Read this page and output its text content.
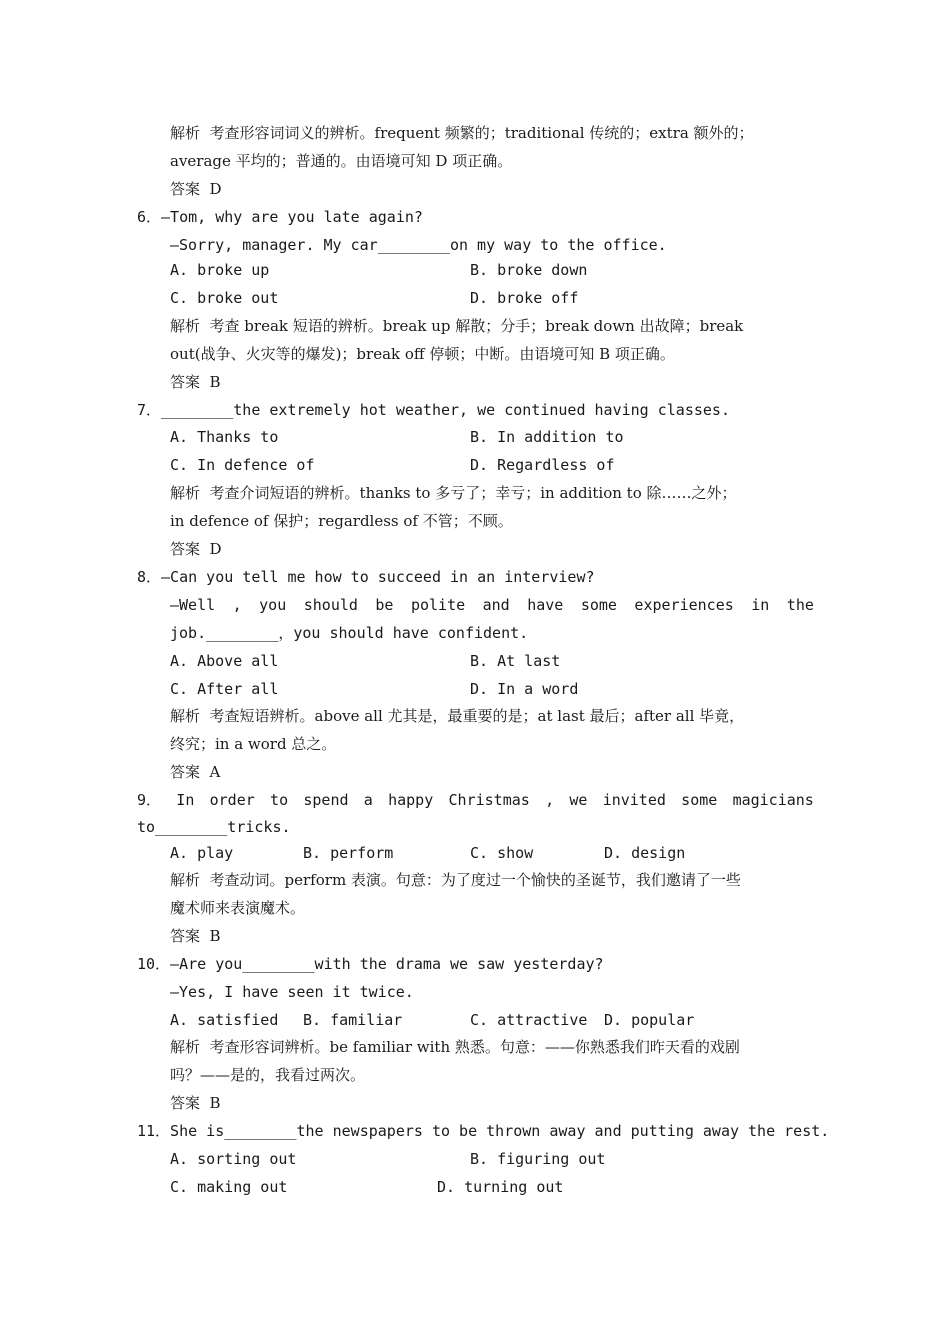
解析  考查形容词词义的辨析。frequent 频繁的；traditional 传统的；extra 额外的；
average 平均的；普通的。由语境可知 D 项正确。
答案  D
6．—Tom, why are you late again?
—Sorry, manager. My car________on my way to the office.
A. broke up	B. broke down
C. broke out	D. broke off
解析  考查 break 短语的辨析。break up 解散；分手；break down 出故障；break
out(战争、火灾等的爆发)；break off 停顿；中断。由语境可知 B 项正确。
答案  B
7．________the extremely hot weather, we continued having classes.
A. Thanks to	B. In addition to
C. In defence of	D. Regardless of
解析  考查介词短语的辨析。thanks to 多亏了；幸亏；in addition to 除……之外；
in defence of 保护；regardless of 不管；不顾。
答案  D
8．—Can you tell me how to succeed in an interview?
—Well , you should be polite and have some experiences in the
job.________，you should have confident.
A. Above all	B. At last
C. After all	D. In a word
解析  考查短语辨析。above all 尤其是，最重要的是；at last 最后；after all 毕竟，
终究；in a word 总之。
答案  A
9． In order to spend a happy Christmas , we invited some magicians
to________tricks.
A. play	B. perform	C. show	D. design
解析  考查动词。perform 表演。句意：为了度过一个愉快的圣诞节，我们邀请了一些
魔术师来表演魔术。
答案  B
10．—Are you________with the drama we saw yesterday?
—Yes, I have seen it twice.
A. satisfied B. familiar	C. attractive D. popular
解析  考查形容词辨析。be familiar with 熟悉。句意：——你熟悉我们昨天看的戏剧
吗？——是的，我看过两次。
答案  B
11．She is________the newspapers to be thrown away and putting away the rest.
A. sorting out	B. figuring out
C. making out	D. turning out
